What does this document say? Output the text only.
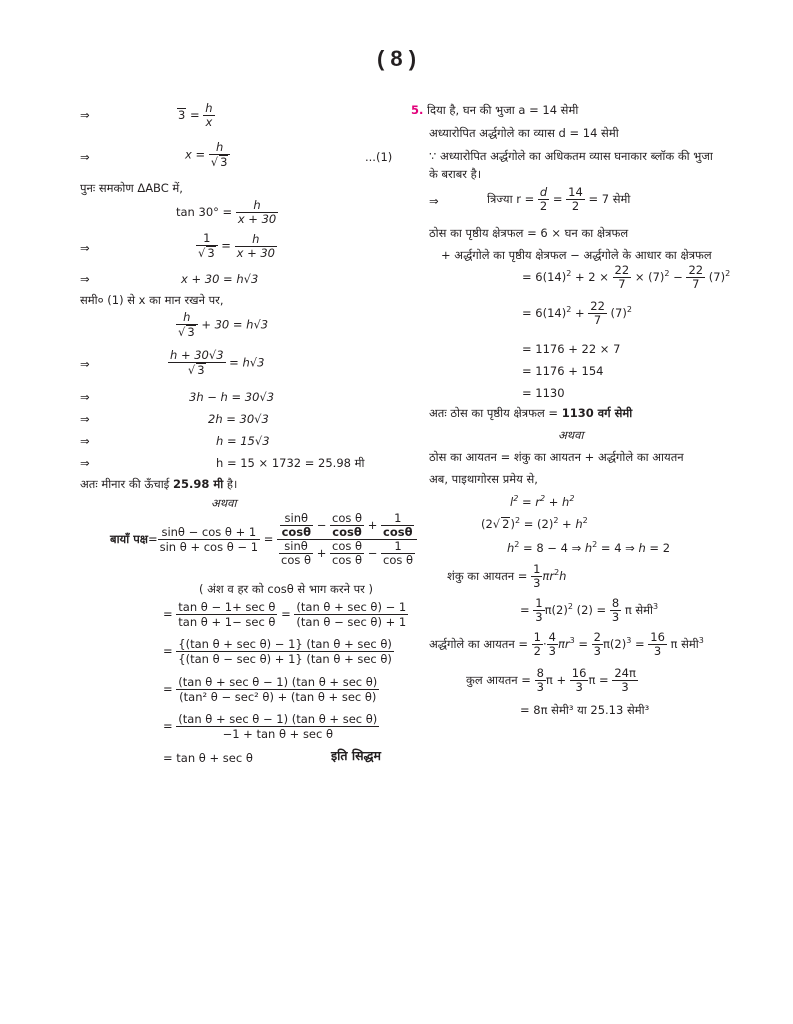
( 8 )
⇒	$3 = \frac{h}{x}$
⇒	$x = \frac{h}{√ 3}$	...(1)
पुनः समकोण ΔABC में,
$\tan 30^\circ = \frac{h}{x + 30}$
⇒	$\frac{1}{√ 3} = \frac{h}{x + 30}$
⇒	x + 30 = h√3
समी० (1) से x का मान रखने पर,
$\frac{h}{√ 3} + 30 = h√3$
⇒	$\frac{h + 30√3}{√ 3} = h√3$
⇒	3h − h = 30√3
⇒	2h = 30√3
⇒	h = 15√3
⇒	h = 15 × 1732 = 25.98 मी
अतः मीनार की ऊँचाई 25.98 मी है।
अथवा
बायाँ पक्ष= $\frac{\text{sinθ − cos θ + 1}}{\text{sin θ + cos θ − 1}} = \frac{\frac{\sin\theta}{\cos\theta} - \frac{\text{cos θ}}{\cos\theta} + \frac{1}{\cos\theta}}{\frac{\sin\theta}{\text{cos θ}} + \frac{\text{cos θ}}{\text{cos θ}} - \frac{1}{\text{cos θ}}}$
( अंश व हर को cosθ से भाग करने पर )
= tan θ − 1+ sec θ
tan θ + 1− sec θ
= (tan θ + sec θ) − 1
(tan θ − sec θ) + 1
= {(tan θ + sec θ) − 1} (tan θ + sec θ)
{(tan θ − sec θ) + 1} (tan θ + sec θ)
= (tan θ + sec θ − 1) (tan θ + sec θ)
(tan² θ − sec² θ) + (tan θ + sec θ)
= (tan θ + sec θ − 1) (tan θ + sec θ)
−1 + tan θ + sec θ
= tan θ + sec θ	इति सिद्धम
5. दिया है, घन की भुजा a = 14 सेमी
अध्यारोपित अर्द्धगोले का व्यास d = 14 सेमी
∵ अध्यारोपित अर्द्धगोले का अधिकतम व्यास घनाकार ब्लॉक की भुजा
के बराबर है।
⇒	त्रिज्या $r = \frac{d}{2} = \frac{14}{2} = 7$ सेमी
ठोस का पृष्ठीय क्षेत्रफल = 6 × घन का क्षेत्रफल
+ अर्द्धगोले का पृष्ठीय क्षेत्रफल − अर्द्धगोले के आधार का क्षेत्रफल
= $6(14)^2 + 2 \times \frac{22}{7} \times (7)^2 - \frac{22}{7} (7)^2$
= $6(14)^2 + \frac{22}{7} (7)^2$
= 1176 + 22 × 7
= 1176 + 154
= 1130
अतः ठोस का पृष्ठीय क्षेत्रफल = 1130 वर्ग सेमी
अथवा
ठोस का आयतन = शंकु का आयतन + अर्द्धगोले का आयतन
अब, पाइथागोरस प्रमेय से,
$l^2 = r^2 + h^2$
(2√ $2)^2 = (2)^2 + h^2$
$h^2 = 8 - 4$ ⇒ $h^2 = 4$ ⇒ h = 2
शंकु का आयतन = $\frac{1}{3} \pi r^2h$
= $\frac{1}{3} \pi(2)^2$ $(2) = \frac{8}{3}$ π सेमी$^3$
अर्द्धगोले का आयतन = $\frac{1}{2} \cdot \frac{4}{3} \pi r^3 = \frac{2}{3} \pi(2)^3 = \frac{16}{3}$ π सेमी$^3$
कुल आयतन = $\frac{8}{3}$ $\pi + \frac{16}{3}$ $\pi = \frac{24\pi}{3}$
= 8π सेमी³ या 25.13 सेमी³
